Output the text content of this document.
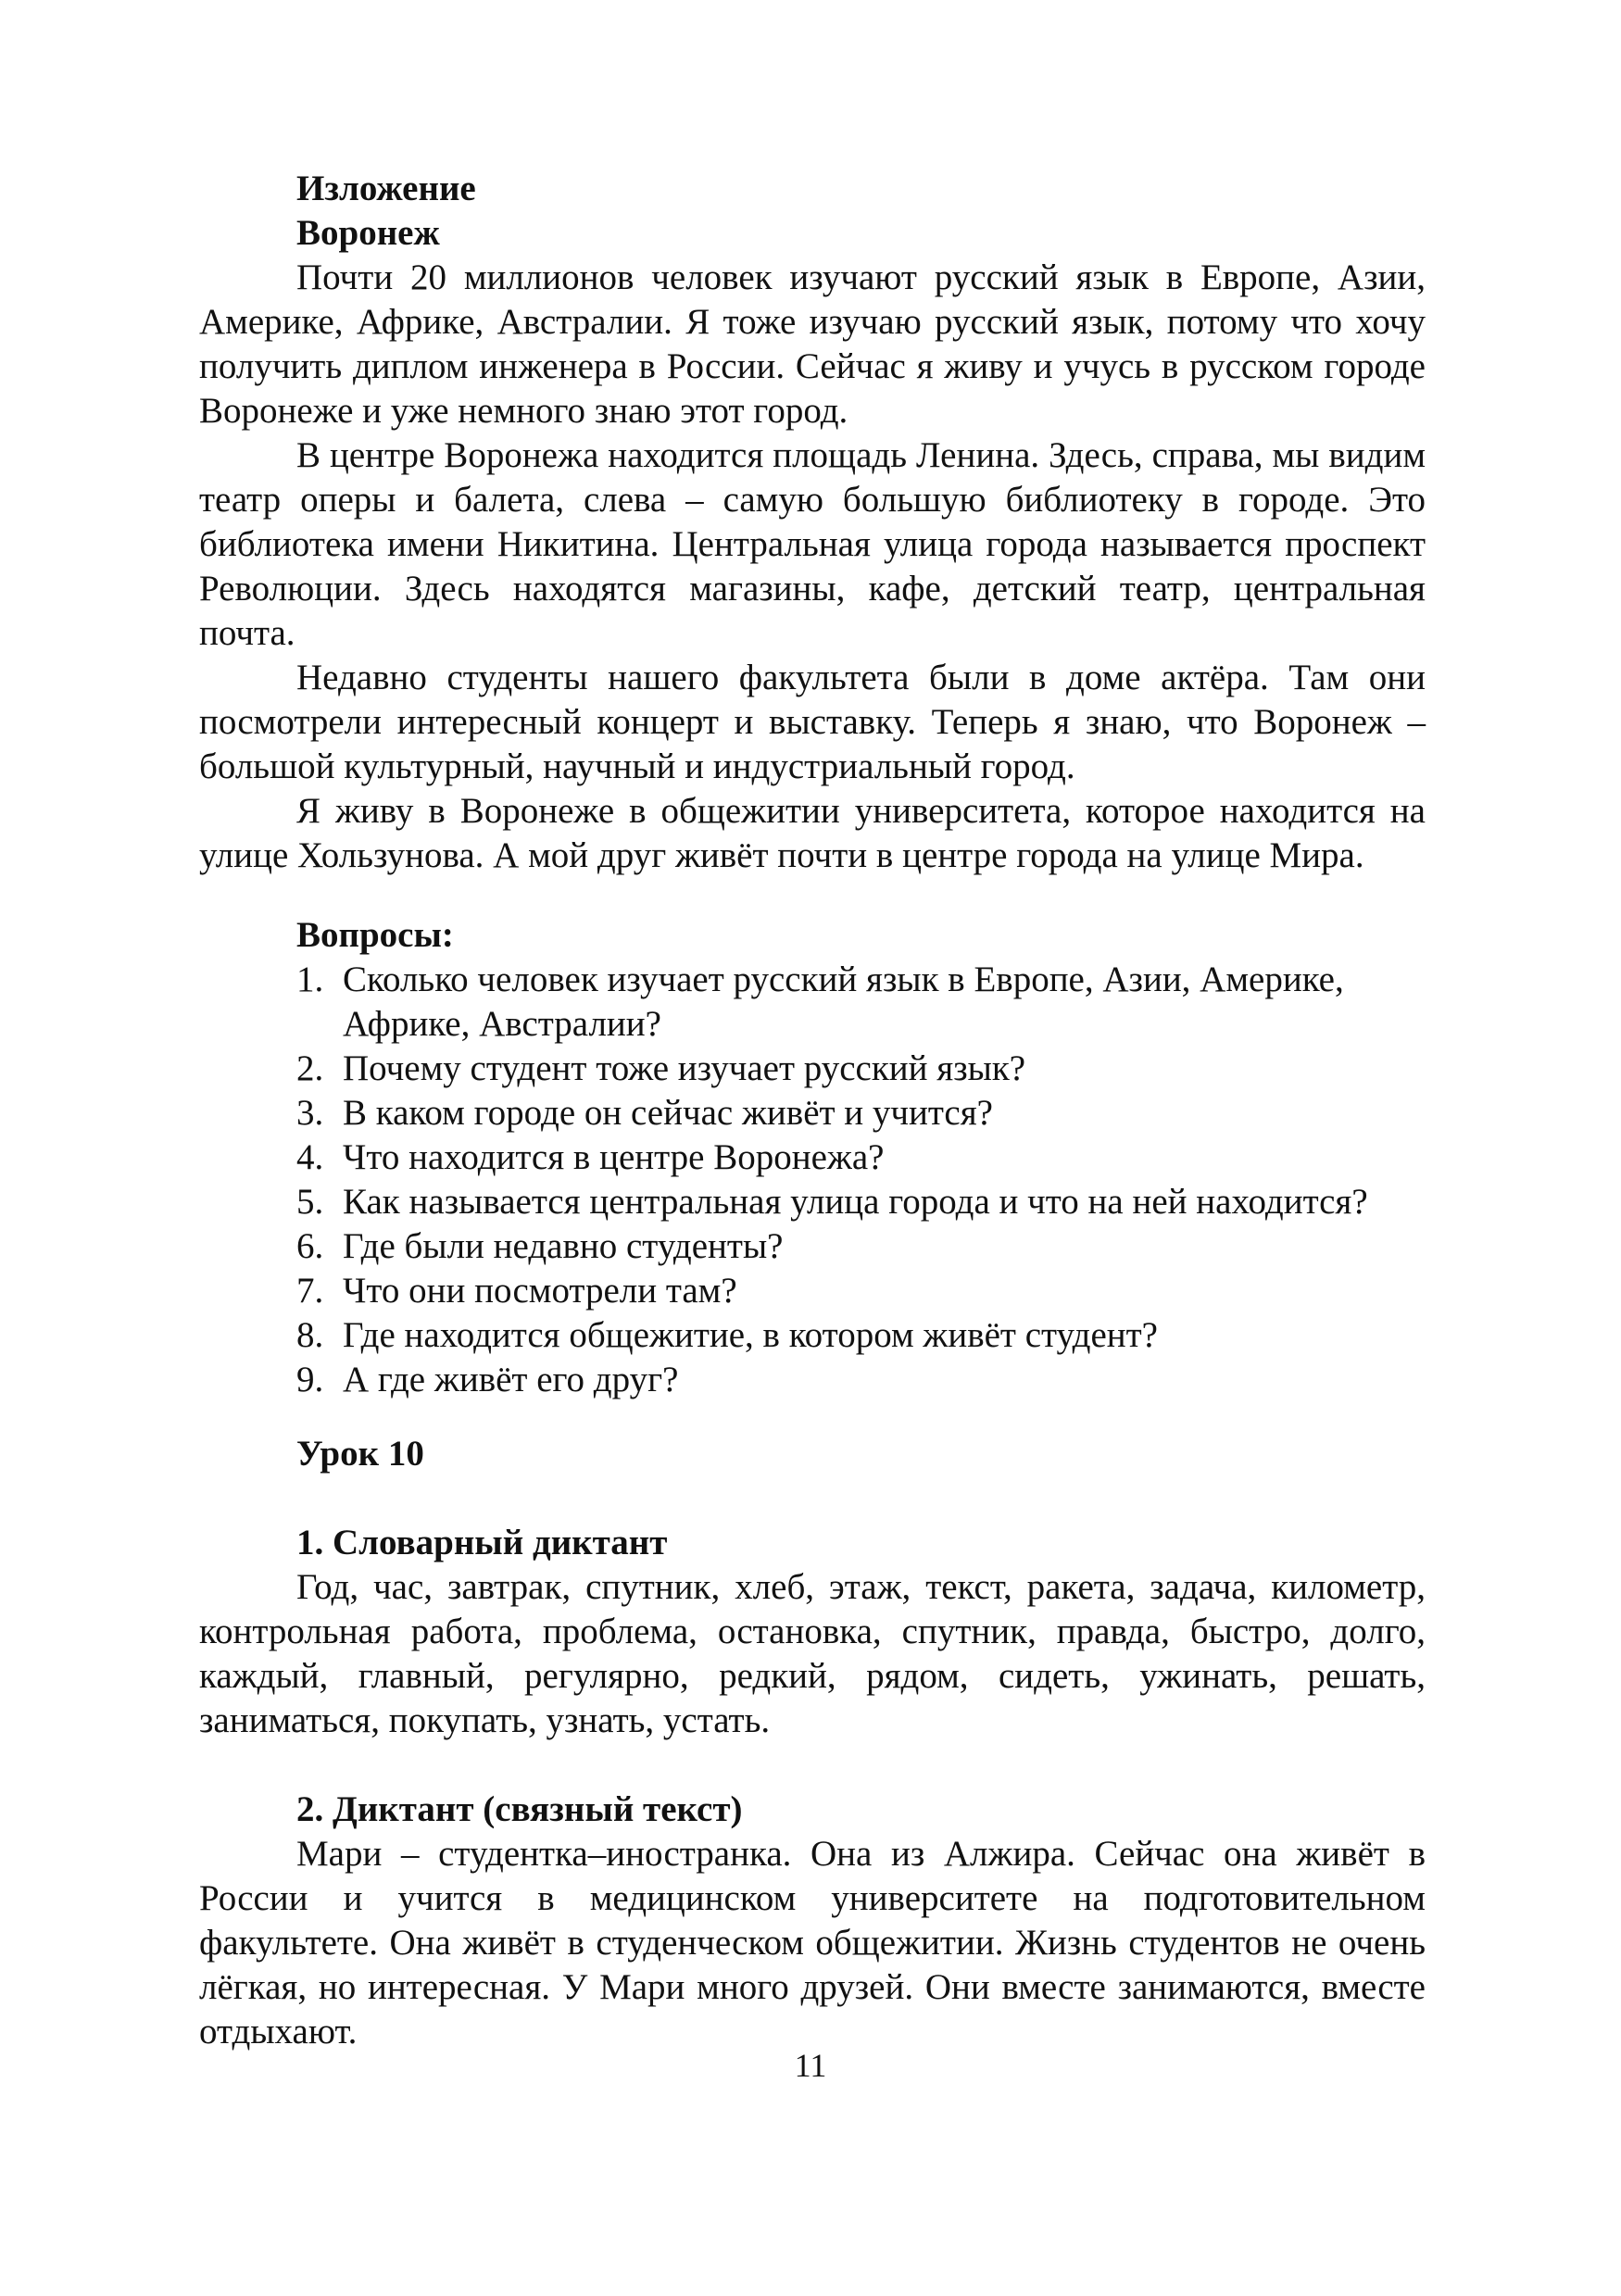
Изложение
Воронеж

Почти 20 миллионов человек изучают русский язык в Европе, Азии, Америке, Африке, Австралии. Я тоже изучаю русский язык, потому что хочу получить диплом инженера в России. Сейчас я живу и учусь в русском городе Воронеже и уже немного знаю этот город.

В центре Воронежа находится площадь Ленина. Здесь, справа, мы видим театр оперы и балета, слева – самую большую библиотеку в городе. Это библиотека имени Никитина. Центральная улица города называется проспект Революции. Здесь находятся магазины, кафе, детский театр, центральная почта.

Недавно студенты нашего факультета были в доме актёра. Там они посмотрели интересный концерт и выставку. Теперь я знаю, что Воронеж – большой культурный, научный и индустриальный город.

Я живу в Воронеже в общежитии университета, которое находится на улице Хользунова. А мой друг живёт почти в центре города на улице Мира.

Вопросы:
1. Сколько человек изучает русский язык в Европе, Азии, Америке, Африке, Австралии?
2. Почему студент тоже изучает русский язык?
3. В каком городе он сейчас живёт и учится?
4. Что находится в центре Воронежа?
5. Как называется центральная улица города и что на ней находится?
6. Где были недавно студенты?
7. Что они посмотрели там?
8. Где находится общежитие, в котором живёт студент?
9. А где живёт его друг?
Урок 10
1. Словарный диктант

Год, час, завтрак, спутник, хлеб, этаж, текст, ракета, задача, километр, контрольная работа, проблема, остановка, спутник, правда, быстро, долго, каждый, главный, регулярно, редкий, рядом, сидеть, ужинать, решать, заниматься, покупать, узнать, устать.

2. Диктант (связный текст)

Мари – студентка–иностранка. Она из Алжира. Сейчас она живёт в России и учится в медицинском университете на подготовительном факультете. Она живёт в студенческом общежитии. Жизнь студентов не очень лёгкая, но интересная. У Мари много друзей. Они вместе занимаются, вместе отдыхают.

11
